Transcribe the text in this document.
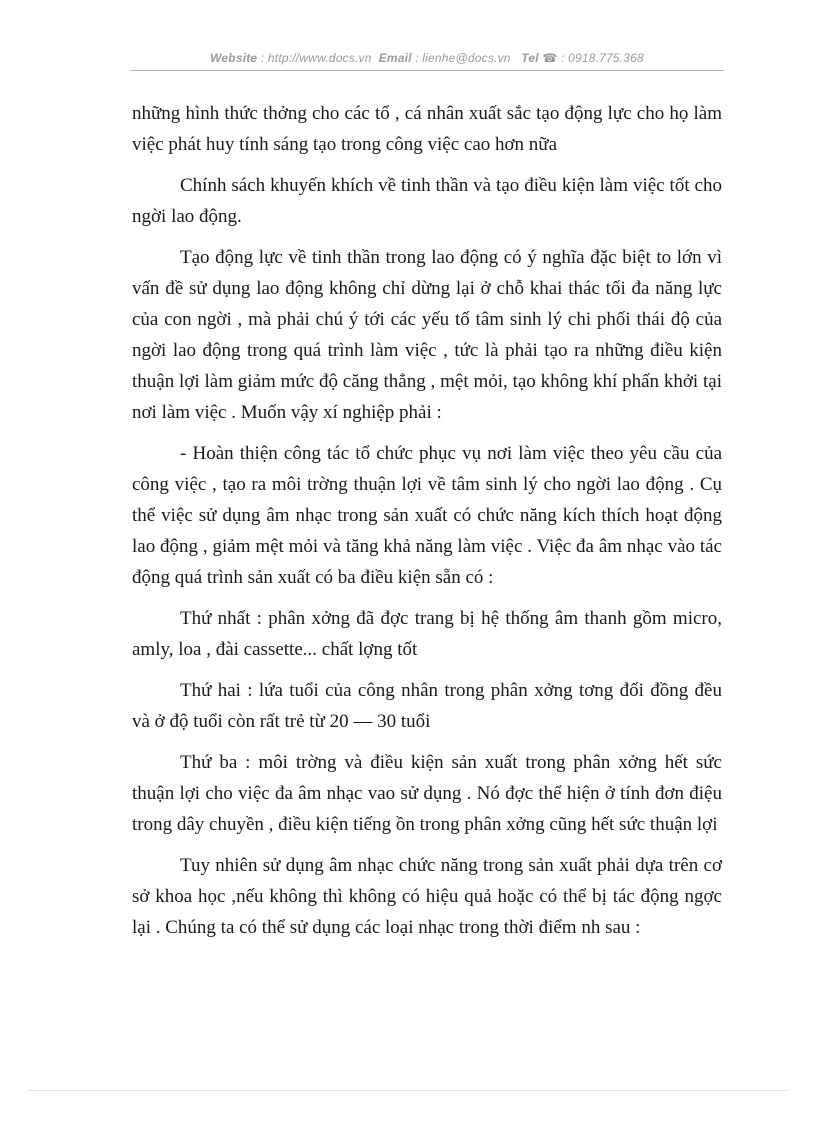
Website : http://www.docs.vn Email : lienhe@docs.vn Tel ☎ : 0918.775.368

những hình thức thởng cho các tổ , cá nhân xuất sắc tạo động lực cho họ làm việc phát huy tính sáng tạo trong công việc cao hơn nữa

Chính sách khuyến khích về tinh thần và tạo điều kiện làm việc tốt cho ngời lao động.

Tạo động lực về tinh thần trong lao động có ý nghĩa đặc biệt to lớn vì vấn đề sử dụng lao động không chỉ dừng lại ở chỗ khai thác tối đa năng lực của con ngời , mà phải chú ý tới các yếu tố tâm sinh lý chi phối thái độ của ngời lao động trong quá trình làm việc , tức là phải tạo ra những điều kiện thuận lợi làm giảm mức độ căng thẳng , mệt mỏi, tạo không khí phấn khởi tại nơi làm việc . Muốn vậy xí nghiệp phải :

- Hoàn thiện công tác tổ chức phục vụ nơi làm việc theo yêu cầu của công việc , tạo ra môi trờng thuận lợi về tâm sinh lý cho ngời lao động . Cụ thể việc sử dụng âm nhạc trong sản xuất có chức năng kích thích hoạt động lao động , giảm mệt mỏi và tăng khả năng làm việc . Việc đa âm nhạc vào tác động quá trình sản xuất có ba điều kiện sẵn có :

Thứ nhất : phân xởng đã đợc trang bị hệ thống âm thanh gồm micro, amly, loa , đài cassette... chất lợng tốt

Thứ hai : lứa tuổi của công nhân trong phân xởng tơng đối đồng đều và ở độ tuổi còn rất trẻ từ 20 — 30 tuổi

Thứ ba : môi trờng và điều kiện sản xuất trong phân xởng hết sức thuận lợi cho việc đa âm nhạc vao sử dụng . Nó đợc thể hiện ở tính đơn điệu trong dây chuyền , điều kiện tiếng ồn trong phân xởng cũng hết sức thuận lợi

Tuy nhiên sử dụng âm nhạc chức năng trong sản xuất phải dựa trên cơ sở khoa học ,nếu không thì không có hiệu quả hoặc có thể bị tác động ngợc lại . Chúng ta có thể sử dụng các loại nhạc trong thời điểm nh sau :
